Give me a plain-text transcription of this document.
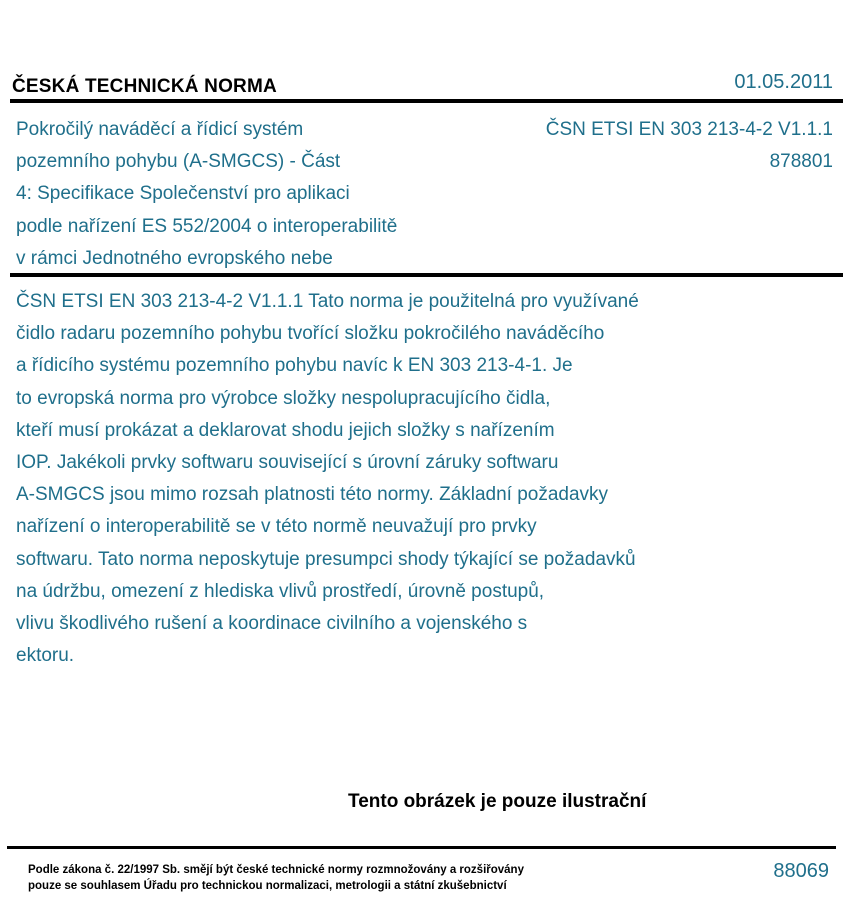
ČESKÁ TECHNICKÁ NORMA	01.05.2011
Pokročilý naváděcí a řídicí systém
pozemního pohybu (A-SMGCS) - Část
4: Specifikace Společenství pro aplikaci
podle nařízení ES 552/2004 o interoperabilitě
v rámci Jednotného evropského nebe
ČSN ETSI EN 303 213-4-2 V1.1.1
878801
ČSN ETSI EN 303 213-4-2 V1.1.1 Tato norma je použitelná pro využívané
čidlo radaru pozemního pohybu tvořící složku pokročilého naváděcího
a řídicího systému pozemního pohybu navíc k EN 303 213-4-1. Je
to evropská norma pro výrobce složky nespolupracujícího čidla,
kteří musí prokázat a deklarovat shodu jejich složky s nařízením
IOP. Jakékoli prvky softwaru související s úrovní záruky softwaru
A-SMGCS jsou mimo rozsah platnosti této normy. Základní požadavky
nařízení o interoperabilitě se v této normě neuvažují pro prvky
softwaru. Tato norma neposkytuje presumpci shody týkající se požadavků
na údržbu, omezení z hlediska vlivů prostředí, úrovně postupů,
vlivu škodlivého rušení a koordinace civilního a vojenského s
ektoru.
Tento obrázek je pouze ilustrační
Podle zákona č. 22/1997 Sb. smějí být české technické normy rozmnožovány a rozšiřovány
pouze se souhlasem Úřadu pro technickou normalizaci, metrologii a státní zkušebnictví
88069
